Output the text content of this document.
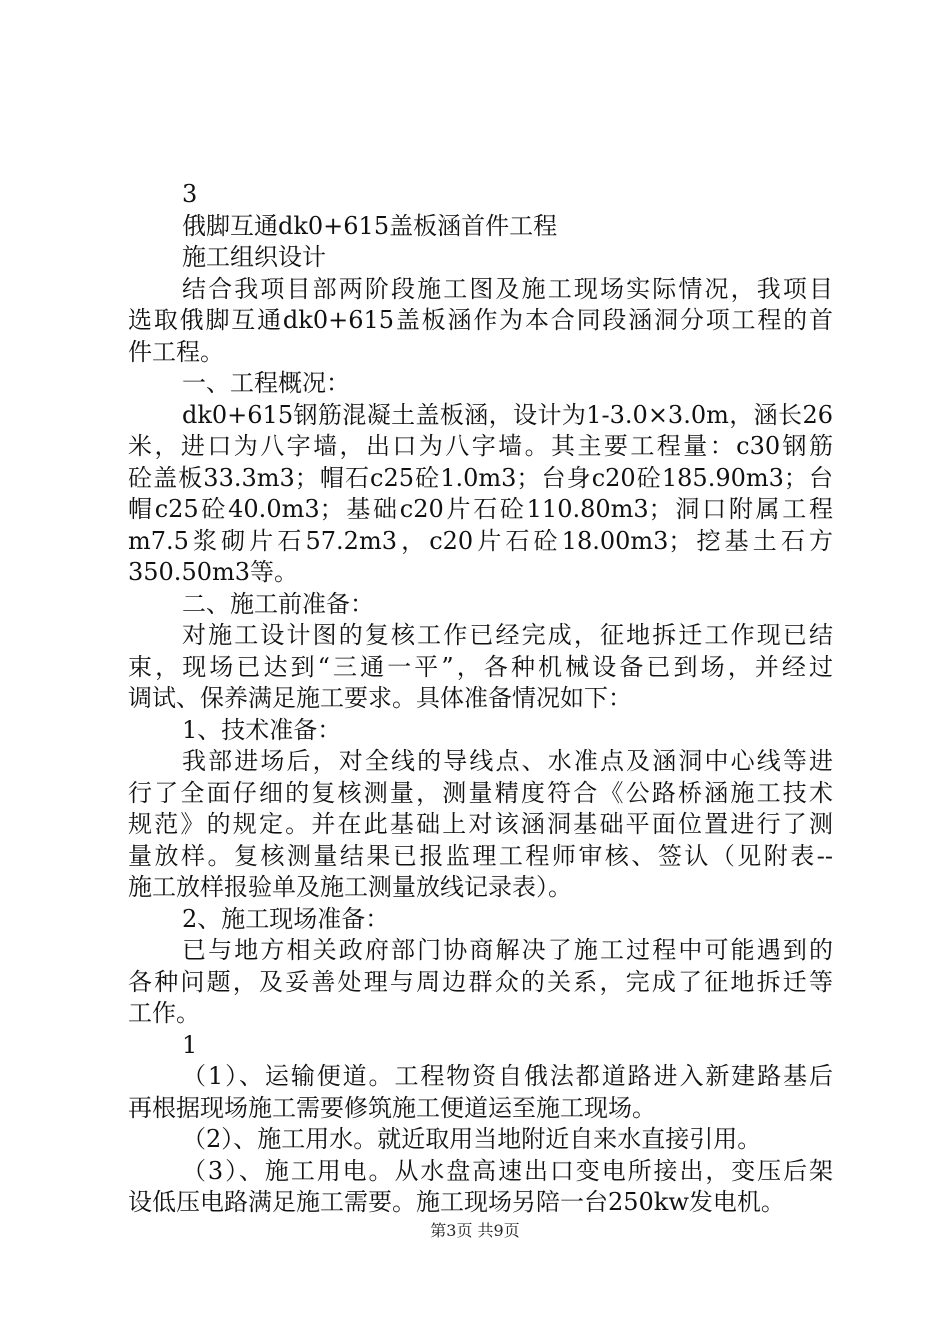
3
俄脚互通dk0+615盖板涵首件工程
施工组织设计
结合我项目部两阶段施工图及施工现场实际情况，我项目
选取俄脚互通dk0+615盖板涵作为本合同段涵洞分项工程的首
件工程。
一、工程概况：
dk0+615钢筋混凝土盖板涵，设计为1-3.0×3.0m，涵长26
米，进口为八字墙，出口为八字墙。其主要工程量：c30钢筋
砼盖板33.3m3；帽石c25砼1.0m3；台身c20砼185.90m3；台
帽c25砼40.0m3；基础c20片石砼110.80m3；洞口附属工程
m7.5浆砌片石57.2m3，c20片石砼18.00m3；挖基土石方
350.50m3等。
二、施工前准备：
对施工设计图的复核工作已经完成，征地拆迁工作现已结
束，现场已达到“三通一平”，各种机械设备已到场，并经过
调试、保养满足施工要求。具体准备情况如下：
1、技术准备：
我部进场后，对全线的导线点、水准点及涵洞中心线等进
行了全面仔细的复核测量，测量精度符合《公路桥涵施工技术
规范》的规定。并在此基础上对该涵洞基础平面位置进行了测
量放样。复核测量结果已报监理工程师审核、签认（见附表--
施工放样报验单及施工测量放线记录表）。
2、施工现场准备：
已与地方相关政府部门协商解决了施工过程中可能遇到的
各种问题，及妥善处理与周边群众的关系，完成了征地拆迁等
工作。
1
（1）、运输便道。工程物资自俄法都道路进入新建路基后
再根据现场施工需要修筑施工便道运至施工现场。
（2）、施工用水。就近取用当地附近自来水直接引用。
（3）、施工用电。从水盘高速出口变电所接出，变压后架
设低压电路满足施工需要。施工现场另陪一台250kw发电机。
第3页 共9页
